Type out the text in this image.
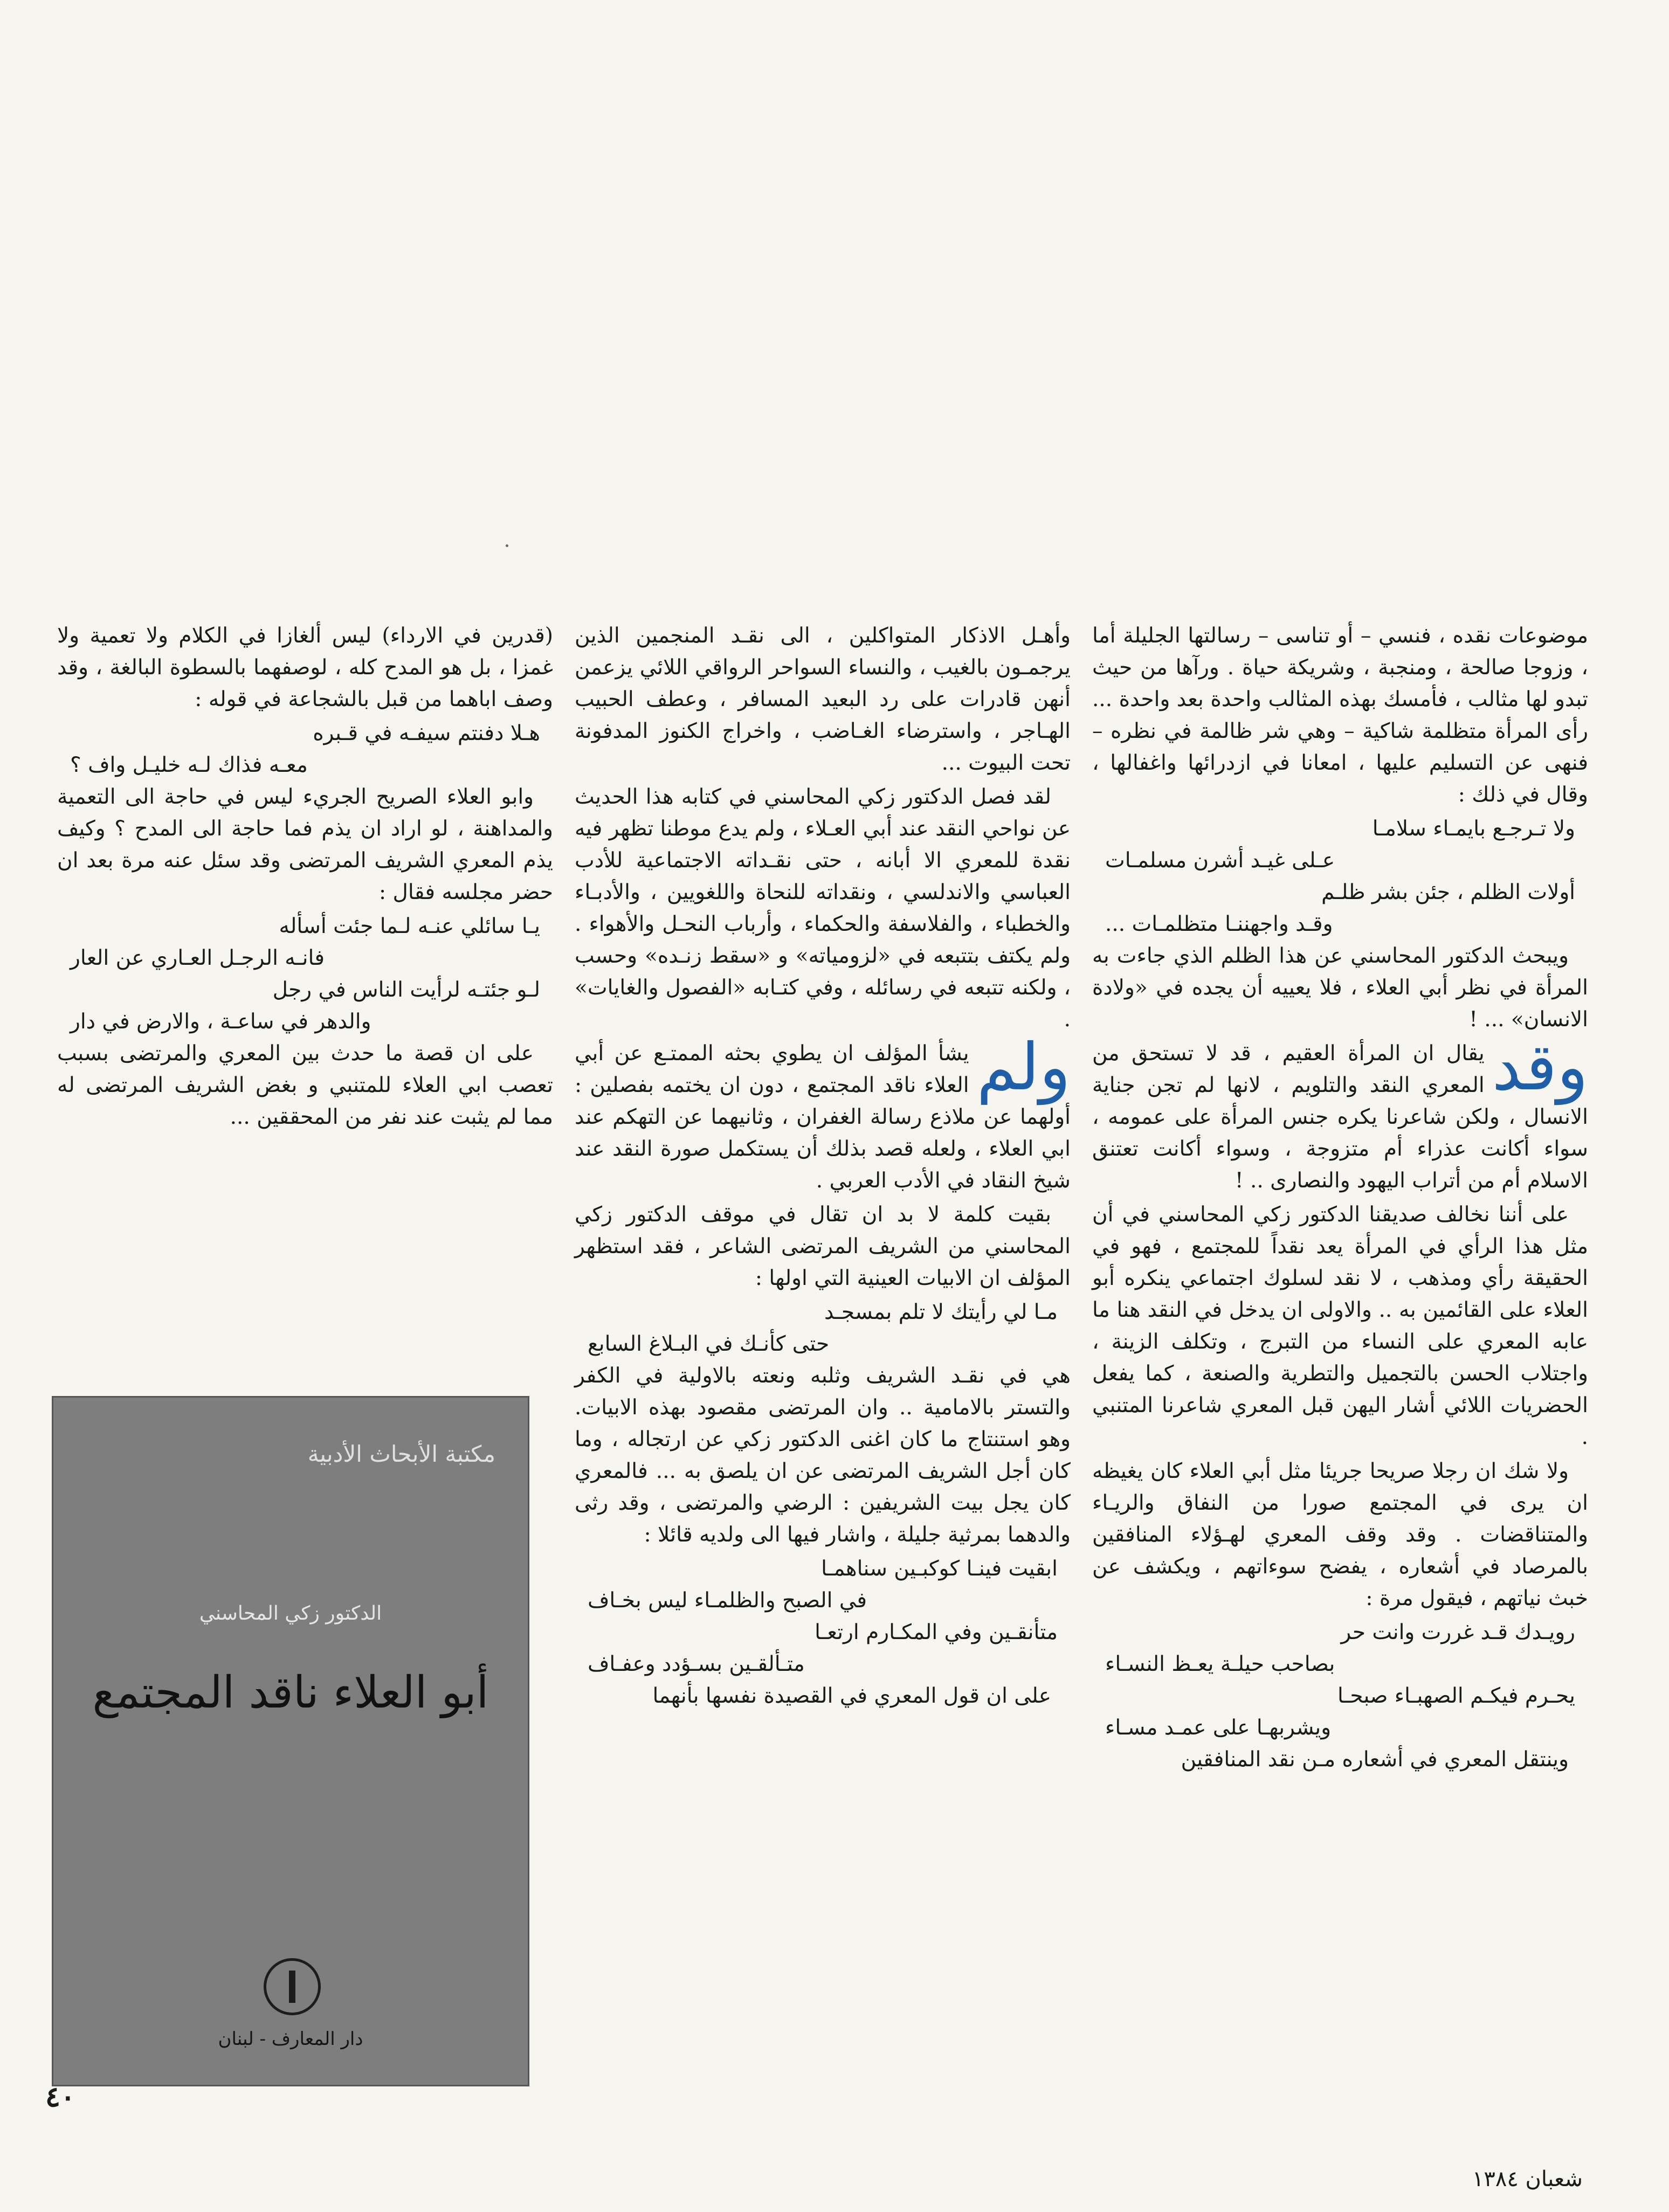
موضوعات نقده ، فنسي – أو تناسى – رسالتها الجليلة أما ، وزوجا صالحة ، ومنجبة ، وشريكة حياة . ورآها من حيث تبدو لها مثالب ، فأمسك بهذه المثالب واحدة بعد واحدة ... رأى المرأة متظلمة شاكية – وهي شر ظالمة في نظره – فنهى عن التسليم عليها ، امعانا في ازدرائها واغفالها ، وقال في ذلك :

ولا تـرجـع بايمـاء سلامـا
عـلى غيـد أشرن مسلمـات
أولات الظلم ، جئن بشر ظلـم
وقـد واجهننـا متظلمـات ...

ويبحث الدكتور المحاسني عن هذا الظلم الذي جاءت به المرأة في نظر أبي العلاء ، فلا يعييه أن يجده في «ولادة الانسان» ... !

وقد
يقال ان المرأة العقيم ، قد لا تستحق من المعري النقد والتلويم ، لانها لم تجن جناية الانسال ، ولكن شاعرنا يكره جنس المرأة على عمومه ، سواء أكانت عذراء أم متزوجة ، وسواء أكانت تعتنق الاسلام أم من أتراب اليهود والنصارى .. !

على أننا نخالف صديقنا الدكتور زكي المحاسني في أن مثل هذا الرأي في المرأة يعد نقداً للمجتمع ، فهو في الحقيقة رأي ومذهب ، لا نقد لسلوك اجتماعي ينكره أبو العلاء على القائمين به .. والاولى ان يدخل في النقد هنا ما عابه المعري على النساء من التبرج ، وتكلف الزينة ، واجتلاب الحسن بالتجميل والتطرية والصنعة ، كما يفعل الحضريات اللائي أشار اليهن قبل المعري شاعرنا المتنبي .

ولا شك ان رجلا صريحا جريئا مثل أبي العلاء كان يغيظه ان يرى في المجتمع صورا من النفاق والريـاء والمتناقضات . وقد وقف المعري لهـؤلاء المنافقين بالمرصاد في أشعاره ، يفضح سوءاتهم ، ويكشف عن خبث نياتهم ، فيقول مرة :

رويـدك قـد غررت وانت حر
بصاحب حيلـة يعـظ النسـاء
يحـرم فيكـم الصهبـاء صبحـا
ويشربهـا على عمـد مسـاء

وينتقل المعري في أشعاره مـن نقد المنافقين

وأهـل الاذكار المتواكلين ، الى نقـد المنجمين الذين يرجمـون بالغيب ، والنساء السواحر الرواقي اللائي يزعمن أنهن قادرات على رد البعيد المسافر ، وعطف الحبيب الهـاجر ، واسترضاء الغـاضب ، واخراج الكنوز المدفونة تحت البيوت ...

لقد فصل الدكتور زكي المحاسني في كتابه هذا الحديث عن نواحي النقد عند أبي العـلاء ، ولم يدع موطنا تظهر فيه نقدة للمعري الا أبانه ، حتى نقـداته الاجتماعية للأدب العباسي والاندلسي ، ونقداته للنحاة واللغويين ، والأدبـاء والخطباء ، والفلاسفة والحكماء ، وأرباب النحـل والأهواء . ولم يكتف بتتبعه في «لزومياته» و «سقط زنـده» وحسب ، ولكنه تتبعه في رسائله ، وفي كتـابه «الفصول والغايات» .

ولم
يشأ المؤلف ان يطوي بحثه الممتـع عن أبي العلاء ناقد المجتمع ، دون ان يختمه بفصلين : أولهما عن ملاذع رسالة الغفران ، وثانيهما عن التهكم عند ابي العلاء ، ولعله قصد بذلك أن يستكمل صورة النقد عند شيخ النقاد في الأدب العربي .

بقيت كلمة لا بد ان تقال في موقف الدكتور زكي المحاسني من الشريف المرتضى الشاعر ، فقد استظهر المؤلف ان الابيات العينية التي اولها :

مـا لي رأيتك لا تلم بمسجـد
حتى كأنـك في البـلاغ السابع

هي في نقـد الشريف وثلبه ونعته بالاولية في الكفر والتستر بالامامية .. وان المرتضى مقصود بهذه الابيات. وهو استنتاج ما كان اغنى الدكتور زكي عن ارتجاله ، وما كان أجل الشريف المرتضى عن ان يلصق به ... فالمعري كان يجل بيت الشريفين : الرضي والمرتضى ، وقد رثى والدهما بمرثية جليلة ، واشار فيها الى ولديه قائلا :

ابقيت فينـا كوكبـين سناهمـا
في الصبح والظلمـاء ليس بخـاف
متأنقـين وفي المكـارم ارتعـا
متـألقـين بسـؤدد وعفـاف

على ان قول المعري في القصيدة نفسها بأنهما

(قدرين في الارداء) ليس ألغازا في الكلام ولا تعمية ولا غمزا ، بل هو المدح كله ، لوصفهما بالسطوة البالغة ، وقد وصف اباهما من قبل بالشجاعة في قوله :

هـلا دفنتم سيفـه في قـبره
معـه فذاك لـه خليـل واف ؟

وابو العلاء الصريح الجريء ليس في حاجة الى التعمية والمداهنة ، لو اراد ان يذم فما حاجة الى المدح ؟ وكيف يذم المعري الشريف المرتضى وقد سئل عنه مرة بعد ان حضر مجلسه فقال :

يـا سائلي عنـه لـما جئت أسأله
فانـه الرجـل العـاري عن العار
لـو جئتـه لرأيت الناس في رجل
والدهر في ساعـة ، والارض في دار

على ان قصة ما حدث بين المعري والمرتضى بسبب تعصب ابي العلاء للمتنبي و بغض الشريف المرتضى له مما لم يثبت عند نفر من المحققين ...

مكتبة الأبحاث الأدبية
الدكتور زكي المحاسني
أبو العلاء ناقد المجتمع
دار المعارف - لبنان
٤٠
شعبان ١٣٨٤
